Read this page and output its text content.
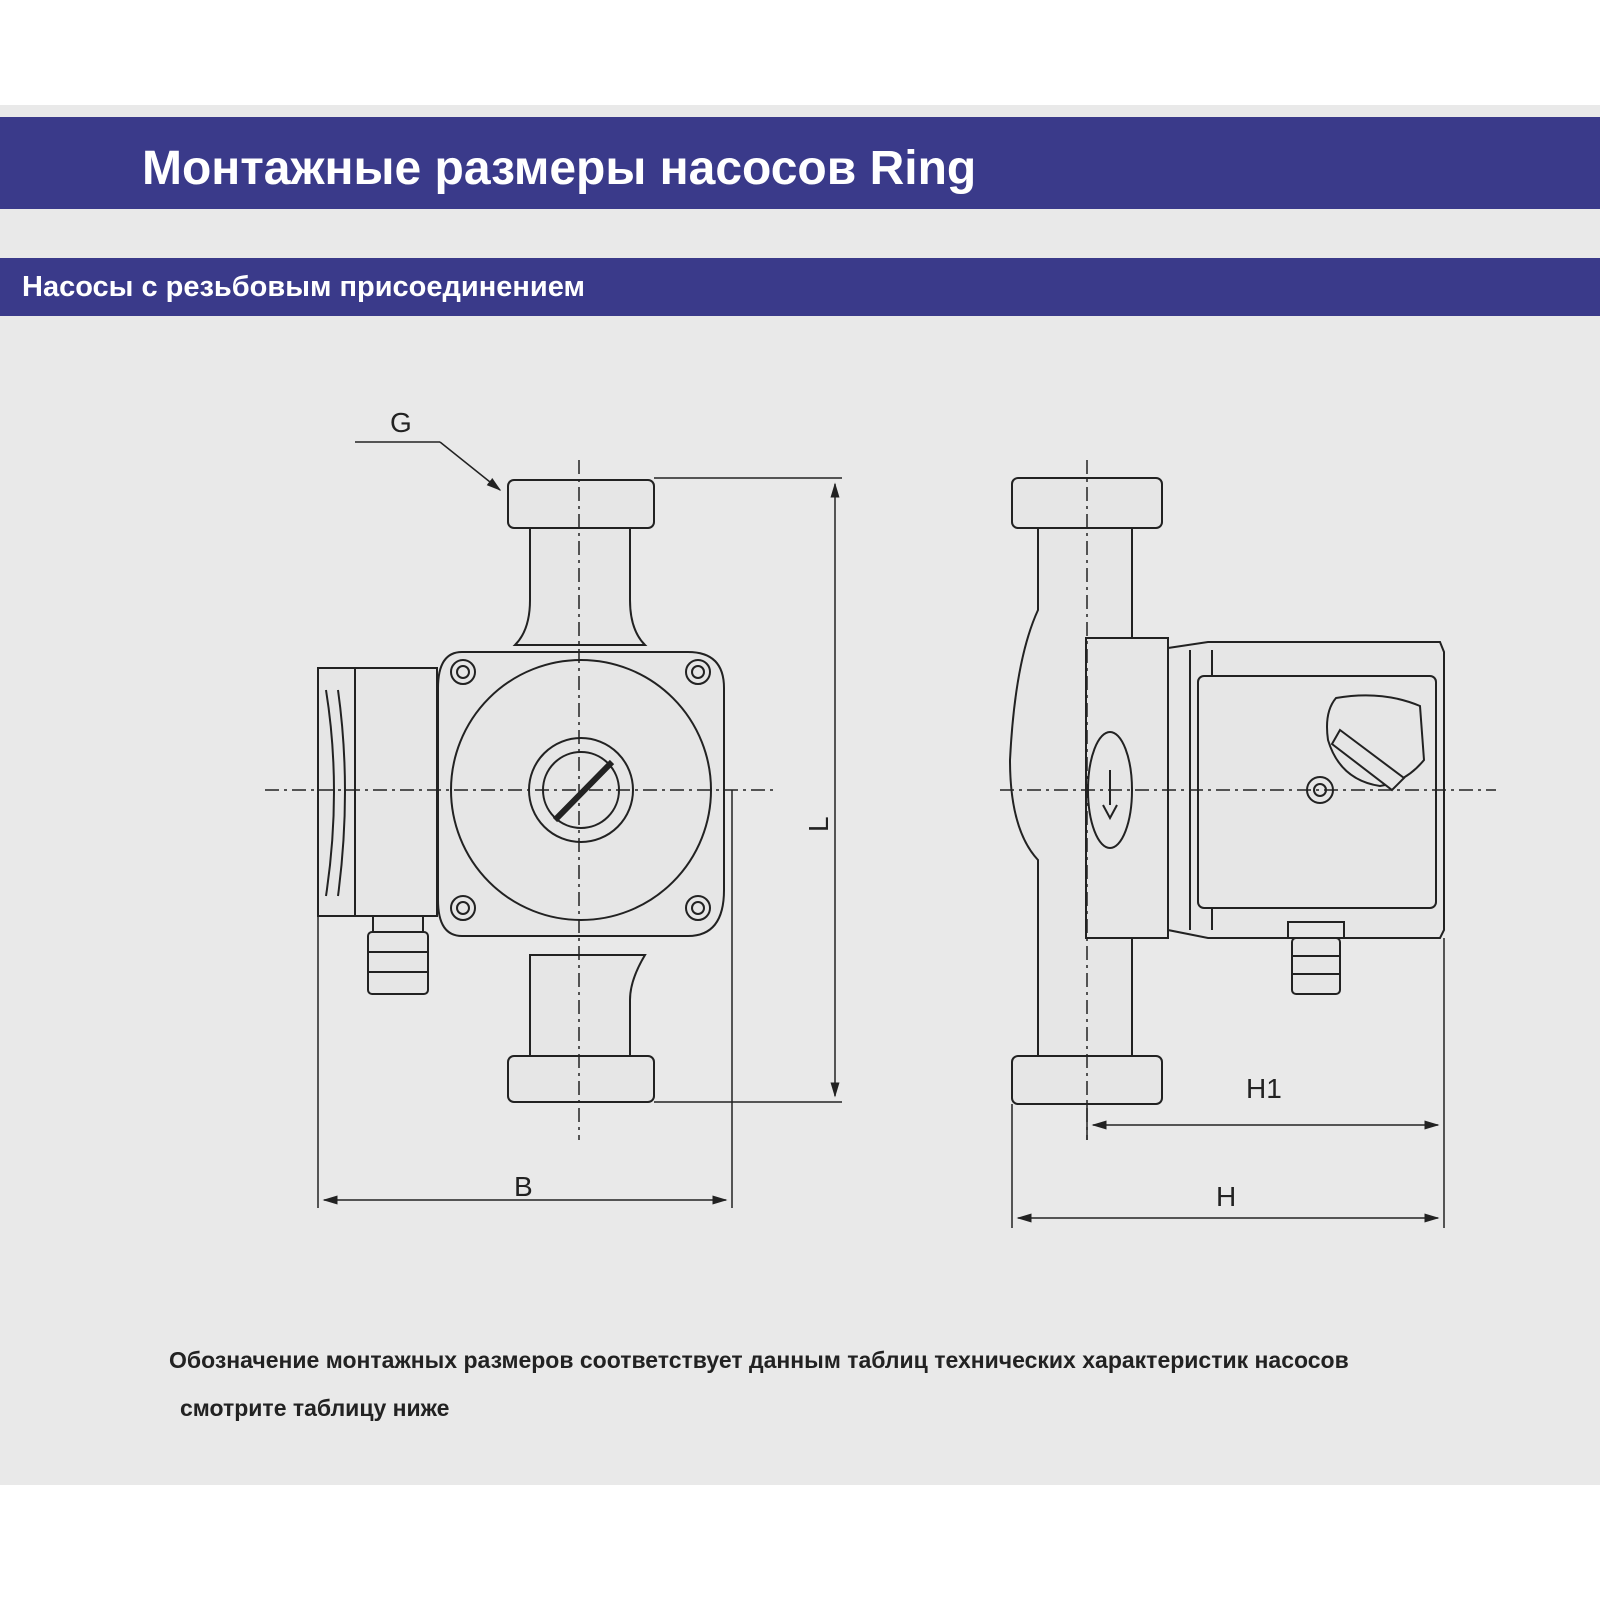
G
L
B
H1
H
Монтажные размеры насосов Ring
Насосы с резьбовым присоединением
Обозначение монтажных размеров соответствует данным таблиц технических характеристик насосов
смотрите таблицу ниже
